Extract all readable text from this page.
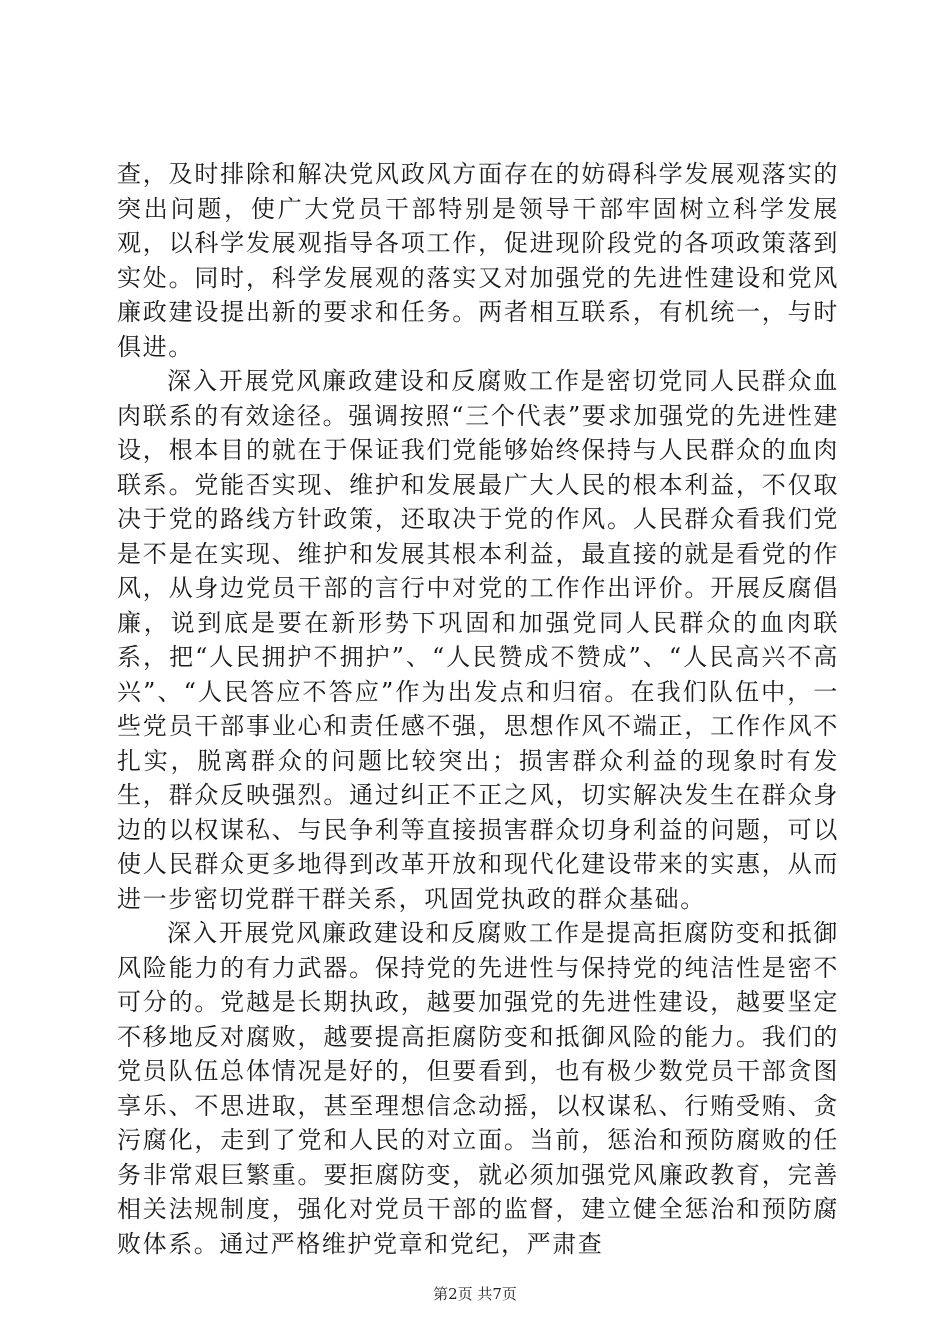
查，及时排除和解决党风政风方面存在的妨碍科学发展观落实的突出问题，使广大党员干部特别是领导干部牢固树立科学发展观，以科学发展观指导各项工作，促进现阶段党的各项政策落到实处。同时，科学发展观的落实又对加强党的先进性建设和党风廉政建设提出新的要求和任务。两者相互联系，有机统一，与时俱进。

深入开展党风廉政建设和反腐败工作是密切党同人民群众血肉联系的有效途径。强调按照“三个代表”要求加强党的先进性建设，根本目的就在于保证我们党能够始终保持与人民群众的血肉联系。党能否实现、维护和发展最广大人民的根本利益，不仅取决于党的路线方针政策，还取决于党的作风。人民群众看我们党是不是在实现、维护和发展其根本利益，最直接的就是看党的作风，从身边党员干部的言行中对党的工作作出评价。开展反腐倡廉，说到底是要在新形势下巩固和加强党同人民群众的血肉联系，把“人民拥护不拥护”、“人民赞成不赞成”、“人民高兴不高兴”、“人民答应不答应”作为出发点和归宿。在我们队伍中，一些党员干部事业心和责任感不强，思想作风不端正，工作作风不扎实，脱离群众的问题比较突出；损害群众利益的现象时有发生，群众反映强烈。通过纠正不正之风，切实解决发生在群众身边的以权谋私、与民争利等直接损害群众切身利益的问题，可以使人民群众更多地得到改革开放和现代化建设带来的实惠，从而进一步密切党群干群关系，巩固党执政的群众基础。

深入开展党风廉政建设和反腐败工作是提高拒腐防变和抵御风险能力的有力武器。保持党的先进性与保持党的纯洁性是密不可分的。党越是长期执政，越要加强党的先进性建设，越要坚定不移地反对腐败，越要提高拒腐防变和抵御风险的能力。我们的党员队伍总体情况是好的，但要看到，也有极少数党员干部贪图享乐、不思进取，甚至理想信念动摇，以权谋私、行贿受贿、贪污腐化，走到了党和人民的对立面。当前，惩治和预防腐败的任务非常艰巨繁重。要拒腐防变，就必须加强党风廉政教育，完善相关法规制度，强化对党员干部的监督，建立健全惩治和预防腐败体系。通过严格维护党章和党纪，严肃查

第2页 共7页
